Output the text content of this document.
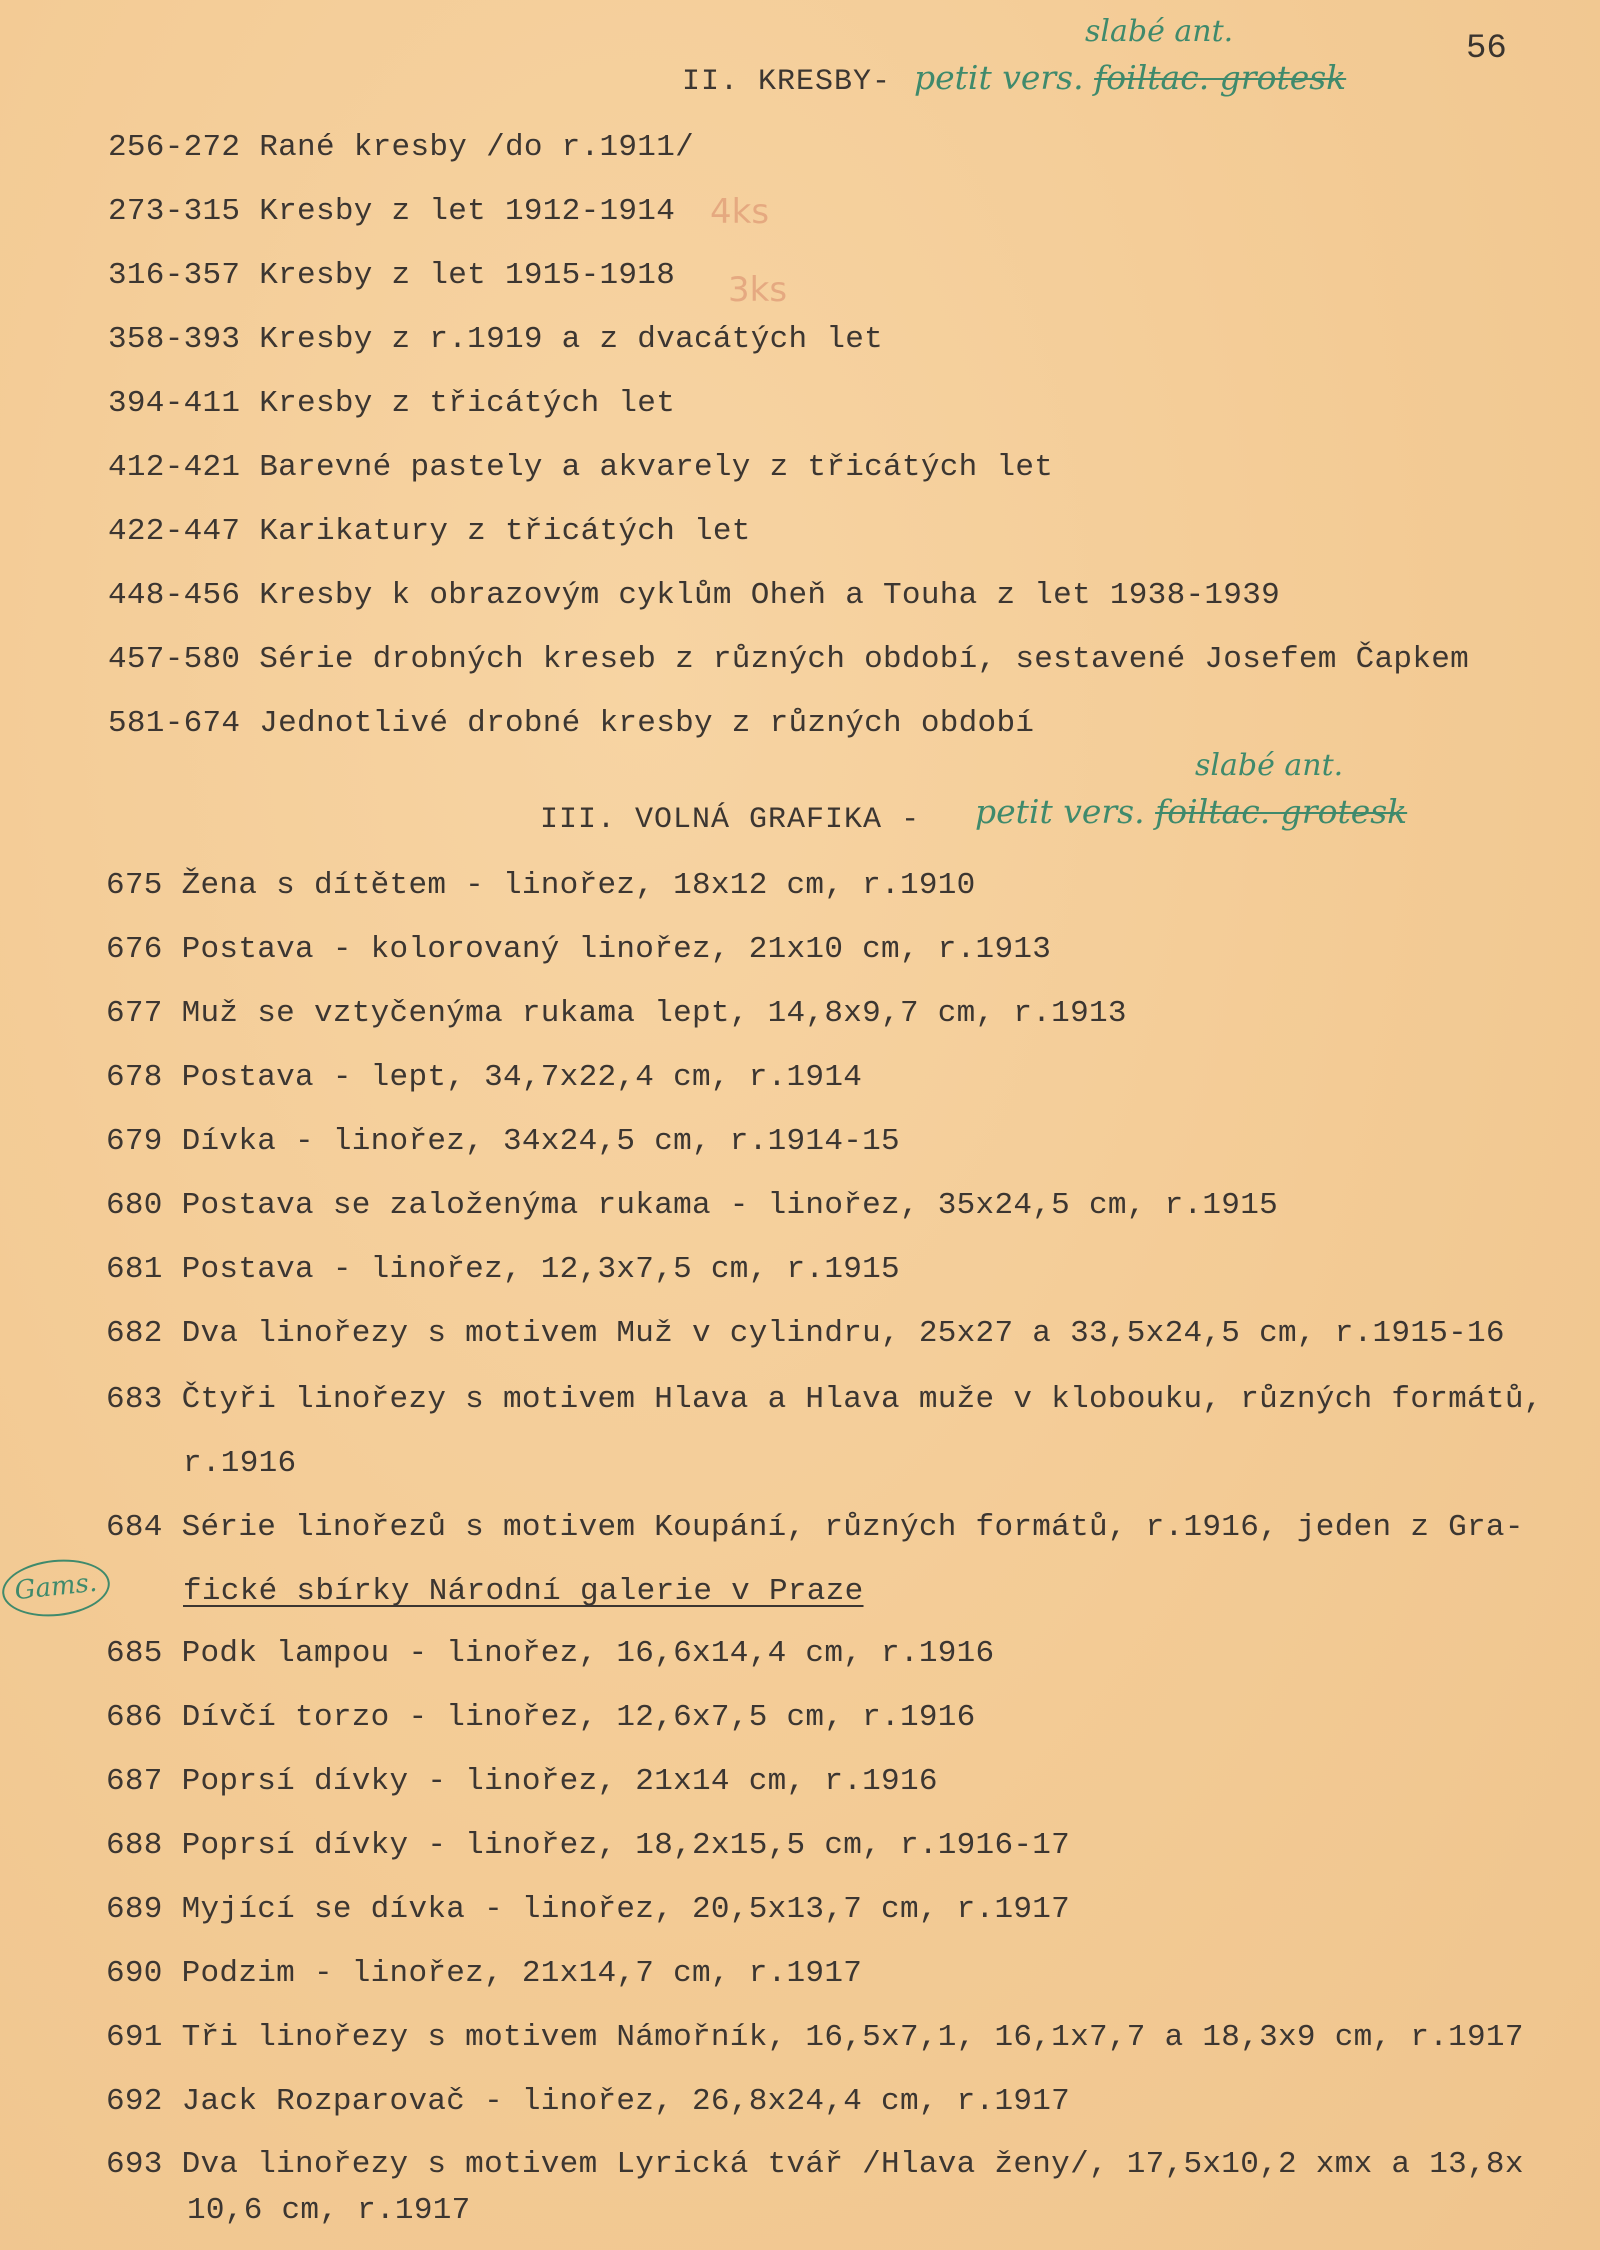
56
II. KRESBY- petit vers. foiltac. grotesk
slabé ant.
4ks
3ks
256-272 Rané kresby /do r.1911/
273-315 Kresby z let 1912-1914
316-357 Kresby z let 1915-1918
358-393 Kresby z r.1919 a z dvacátých let
394-411 Kresby z třicátých let
412-421 Barevné pastely a akvarely z třicátých let
422-447 Karikatury z třicátých let
448-456 Kresby k obrazovým cyklům Oheň a Touha z let 1938-1939
457-580 Série drobných kreseb z různých období, sestavené Josefem Čapkem
581-674 Jednotlivé drobné kresby z různých období
III. VOLNÁ GRAFIKA - petit vers. foiltac. grotesk
slabé ant.
Gams.
675 Žena s dítětem - linořez, 18x12 cm, r.1910
676 Postava - kolorovaný linořez, 21x10 cm, r.1913
677 Muž se vztyčenýma rukama lept, 14,8x9,7 cm, r.1913
678 Postava - lept, 34,7x22,4 cm, r.1914
679 Dívka - linořez, 34x24,5 cm, r.1914-15
680 Postava se založenýma rukama - linořez, 35x24,5 cm, r.1915
681 Postava - linořez, 12,3x7,5 cm, r.1915
682 Dva linořezy s motivem Muž v cylindru, 25x27 a 33,5x24,5 cm, r.1915-16
683 Čtyři linořezy s motivem Hlava a Hlava muže v klobouku, různých formátů,
r.1916
684 Série linořezů s motivem Koupání, různých formátů, r.1916, jeden z Gra-
fické sbírky Národní galerie v Praze
685 Podk lampou - linořez, 16,6x14,4 cm, r.1916
686 Dívčí torzo - linořez, 12,6x7,5 cm, r.1916
687 Poprsí dívky - linořez, 21x14 cm, r.1916
688 Poprsí dívky - linořez, 18,2x15,5 cm, r.1916-17
689 Myjící se dívka - linořez, 20,5x13,7 cm, r.1917
690 Podzim - linořez, 21x14,7 cm, r.1917
691 Tři linořezy s motivem Námořník, 16,5x7,1, 16,1x7,7 a 18,3x9 cm, r.1917
692 Jack Rozparovač - linořez, 26,8x24,4 cm, r.1917
693 Dva linořezy s motivem Lyrická tvář /Hlava ženy/, 17,5x10,2 xmx a 13,8x
10,6 cm, r.1917
